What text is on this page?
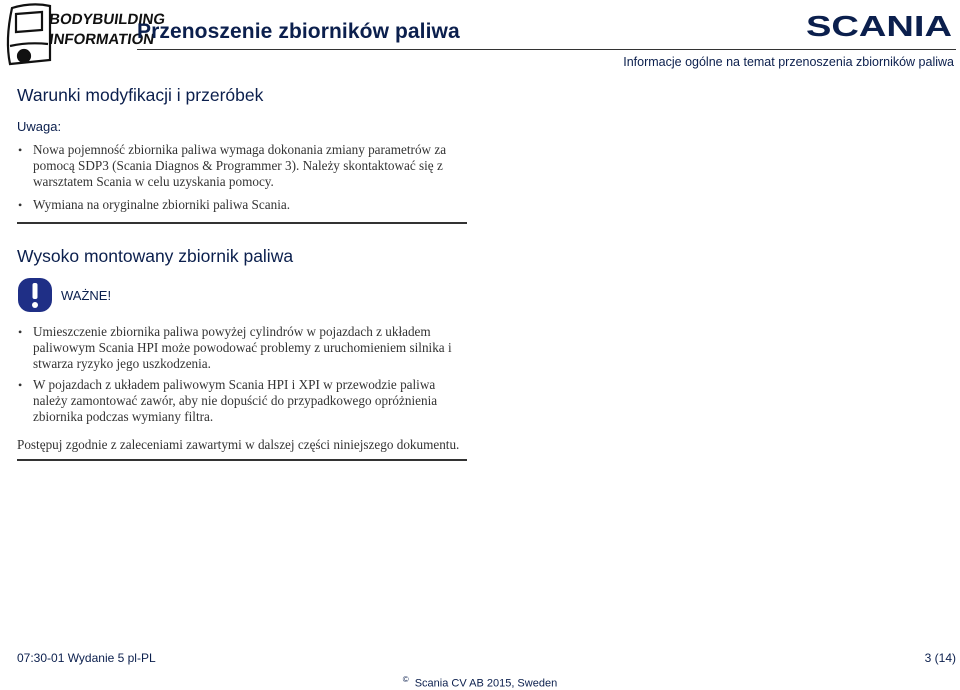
BODYBUILDING
INFORMATION
Przenoszenie zbiorników paliwa	SCANIA
Informacje ogólne na temat przenoszenia zbiorników paliwa
Warunki modyfikacji i przeróbek
Uwaga:
• Nowa pojemność zbiornika paliwa wymaga dokonania zmiany parametrów za pomocą SDP3 (Scania Diagnos & Programmer 3). Należy skontaktować się z warsztatem Scania w celu uzyskania pomocy.
• Wymiana na oryginalne zbiorniki paliwa Scania.
Wysoko montowany zbiornik paliwa
WAŻNE!
• Umieszczenie zbiornika paliwa powyżej cylindrów w pojazdach z układem paliwowym Scania HPI może powodować problemy z uruchomieniem silnika i stwarza ryzyko jego uszkodzenia.
• W pojazdach z układem paliwowym Scania HPI i XPI w przewodzie paliwa należy zamontować zawór, aby nie dopuścić do przypadkowego opróżnienia zbiornika podczas wymiany filtra.

Postępuj zgodnie z zaleceniami zawartymi w dalszej części niniejszego dokumentu.

07:30-01 Wydanie 5 pl-PL	3 (14)
© Scania CV AB 2015, Sweden
